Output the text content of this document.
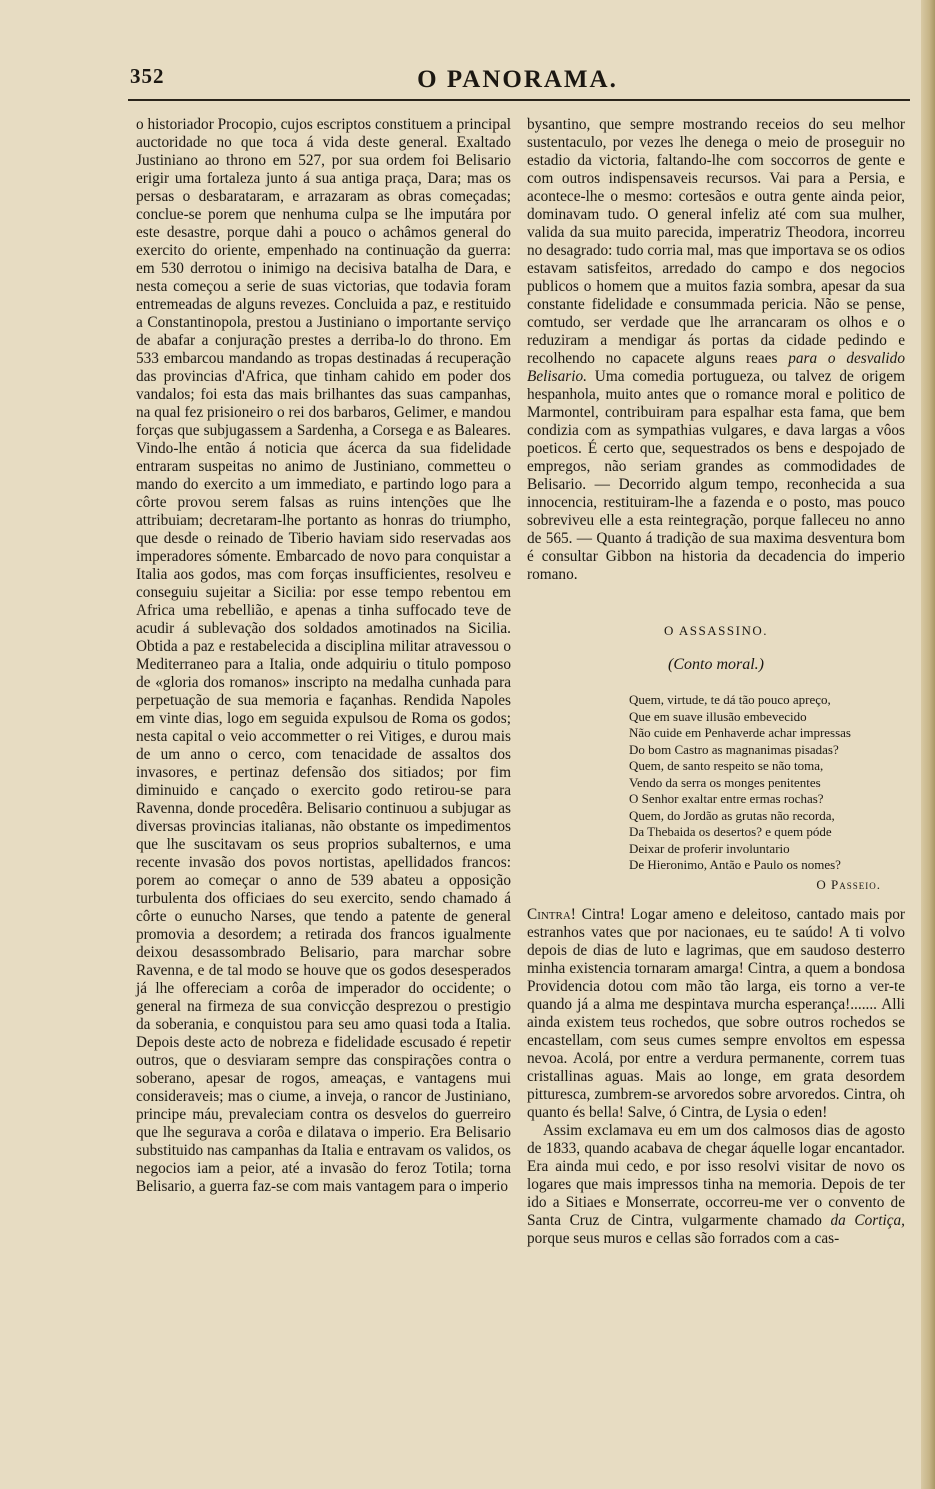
352	O PANORAMA.

o historiador Procopio, cujos escriptos constituem a principal auctoridade no que toca á vida deste general. Exaltado Justiniano ao throno em 527, por sua ordem foi Belisario erigir uma fortaleza junto á sua antiga praça, Dara; mas os persas o desbarataram, e arrazaram as obras começadas; conclue-se porem que nenhuma culpa se lhe imputára por este desastre, porque dahi a pouco o achâmos general do exercito do oriente, empenhado na continuação da guerra: em 530 derrotou o inimigo na decisiva batalha de Dara, e nesta começou a serie de suas victorias, que todavia foram entremeadas de alguns revezes. Concluida a paz, e restituido a Constantinopola, prestou a Justiniano o importante serviço de abafar a conjuração prestes a derriba-lo do throno. Em 533 embarcou mandando as tropas destinadas á recuperação das provincias d'Africa, que tinham cahido em poder dos vandalos; foi esta das mais brilhantes das suas campanhas, na qual fez prisioneiro o rei dos barbaros, Gelimer, e mandou forças que subjugassem a Sardenha, a Corsega e as Baleares. Vindo-lhe então á noticia que ácerca da sua fidelidade entraram suspeitas no animo de Justiniano, commetteu o mando do exercito a um immediato, e partindo logo para a côrte provou serem falsas as ruins intenções que lhe attribuiam; decretaram-lhe portanto as honras do triumpho, que desde o reinado de Tiberio haviam sido reservadas aos imperadores sómente. Embarcado de novo para conquistar a Italia aos godos, mas com forças insufficientes, resolveu e conseguiu sujeitar a Sicilia: por esse tempo rebentou em Africa uma rebellião, e apenas a tinha suffocado teve de acudir á sublevação dos soldados amotinados na Sicilia. Obtida a paz e restabelecida a disciplina militar atravessou o Mediterraneo para a Italia, onde adquiriu o titulo pomposo de «gloria dos romanos» inscripto na medalha cunhada para perpetuação de sua memoria e façanhas. Rendida Napoles em vinte dias, logo em seguida expulsou de Roma os godos; nesta capital o veio accommetter o rei Vitiges, e durou mais de um anno o cerco, com tenacidade de assaltos dos invasores, e pertinaz defensão dos sitiados; por fim diminuido e cançado o exercito godo retirou-se para Ravenna, donde procedêra. Belisario continuou a subjugar as diversas provincias italianas, não obstante os impedimentos que lhe suscitavam os seus proprios subalternos, e uma recente invasão dos povos nortistas, apellidados francos: porem ao começar o anno de 539 abateu a opposição turbulenta dos officiaes do seu exercito, sendo chamado á côrte o eunucho Narses, que tendo a patente de general promovia a desordem; a retirada dos francos igualmente deixou desassombrado Belisario, para marchar sobre Ravenna, e de tal modo se houve que os godos desesperados já lhe offereciam a corôa de imperador do occidente; o general na firmeza de sua convicção desprezou o prestigio da soberania, e conquistou para seu amo quasi toda a Italia. Depois deste acto de nobreza e fidelidade escusado é repetir outros, que o desviaram sempre das conspirações contra o soberano, apesar de rogos, ameaças, e vantagens mui consideraveis; mas o ciume, a inveja, o rancor de Justiniano, principe máu, prevaleciam contra os desvelos do guerreiro que lhe segurava a corôa e dilatava o imperio. Era Belisario substituido nas campanhas da Italia e entravam os validos, os negocios iam a peior, até a invasão do feroz Totila; torna Belisario, a guerra faz-se com mais vantagem para o imperio

bysantino, que sempre mostrando receios do seu melhor sustentaculo, por vezes lhe denega o meio de proseguir no estadio da victoria, faltando-lhe com soccorros de gente e com outros indispensaveis recursos. Vai para a Persia, e acontece-lhe o mesmo: cortesãos e outra gente ainda peior, dominavam tudo. O general infeliz até com sua mulher, valida da sua muito parecida, imperatriz Theodora, incorreu no desagrado: tudo corria mal, mas que importava se os odios estavam satisfeitos, arredado do campo e dos negocios publicos o homem que a muitos fazia sombra, apesar da sua constante fidelidade e consummada pericia. Não se pense, comtudo, ser verdade que lhe arrancaram os olhos e o reduziram a mendigar ás portas da cidade pedindo e recolhendo no capacete alguns reaes para o desvalido Belisario. Uma comedia portugueza, ou talvez de origem hespanhola, muito antes que o romance moral e politico de Marmontel, contribuiram para espalhar esta fama, que bem condizia com as sympathias vulgares, e dava largas a vôos poeticos. É certo que, sequestrados os bens e despojado de empregos, não seriam grandes as commodidades de Belisario. — Decorrido algum tempo, reconhecida a sua innocencia, restituiram-lhe a fazenda e o posto, mas pouco sobreviveu elle a esta reintegração, porque falleceu no anno de 565. — Quanto á tradição de sua maxima desventura bom é consultar Gibbon na historia da decadencia do imperio romano.

O ASSASSINO.
(Conto moral.)
Quem, virtude, te dá tão pouco apreço,
Que em suave illusão embevecido
Não cuide em Penhaverde achar impressas
Do bom Castro as magnanimas pisadas?
Quem, de santo respeito se não toma,
Vendo da serra os monges penitentes
O Senhor exaltar entre ermas rochas?
Quem, do Jordão as grutas não recorda,
Da Thebaida os desertos? e quem póde
Deixar de proferir involuntario
De Hieronimo, Antão e Paulo os nomes?
O Passeio.

Cintra! Cintra! Logar ameno e deleitoso, cantado mais por estranhos vates que por nacionaes, eu te saúdo! A ti volvo depois de dias de luto e lagrimas, que em saudoso desterro minha existencia tornaram amarga! Cintra, a quem a bondosa Providencia dotou com mão tão larga, eis torno a ver-te quando já a alma me despintava murcha esperança!....... Alli ainda existem teus rochedos, que sobre outros rochedos se encastellam, com seus cumes sempre envoltos em espessa nevoa. Acolá, por entre a verdura permanente, correm tuas cristallinas aguas. Mais ao longe, em grata desordem pitturesca, zumbrem-se arvoredos sobre arvoredos. Cintra, oh quanto és bella! Salve, ó Cintra, de Lysia o eden!

Assim exclamava eu em um dos calmosos dias de agosto de 1833, quando acabava de chegar áquelle logar encantador. Era ainda mui cedo, e por isso resolvi visitar de novo os logares que mais impressos tinha na memoria. Depois de ter ido a Sitiaes e Monserrate, occorreu-me ver o convento de Santa Cruz de Cintra, vulgarmente chamado da Cortiça, porque seus muros e cellas são forrados com a cas-
